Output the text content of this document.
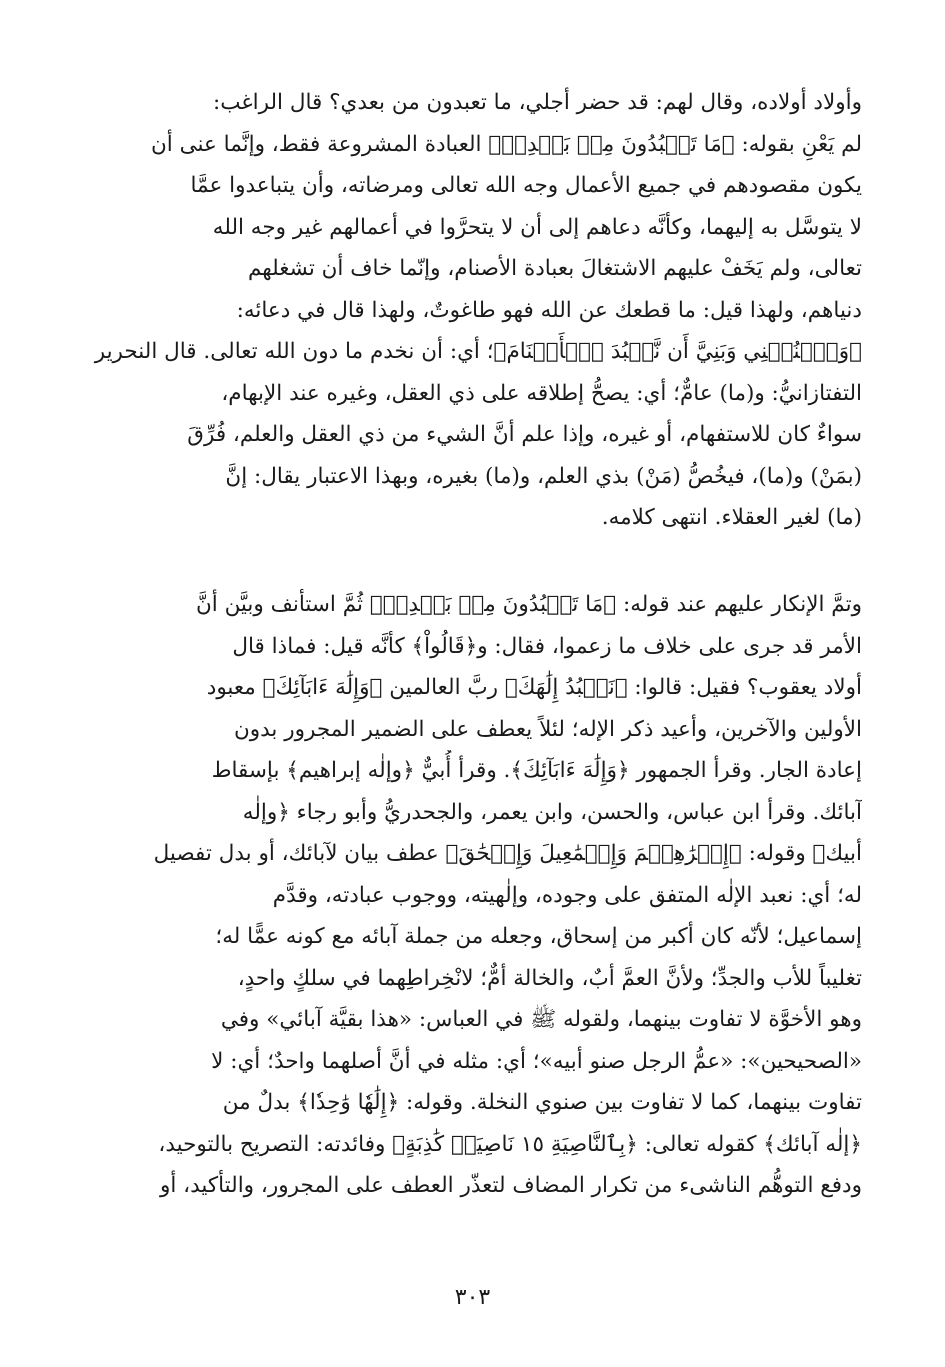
وأولاد أولاده، وقال لهم: قد حضر أجلي، ما تعبدون من بعدي؟ قال الراغب:
لم يَعْنِ بقوله: ﴿مَا تَعۡبُدُونَ مِنۢ بَعۡدِيۖ﴾ العبادة المشروعة فقط، وإنَّما عنى أن
يكون مقصودهم في جميع الأعمال وجه الله تعالى ومرضاته، وأن يتباعدوا عمَّا
لا يتوسَّل به إليهما، وكأنَّه دعاهم إلى أن لا يتحرَّوا في أعمالهم غير وجه الله
تعالى، ولم يَخَفْ عليهم الاشتغالَ بعبادة الأصنام، وإنّما خاف أن تشغلهم
دنياهم، ولهذا قيل: ما قطعك عن الله فهو طاغوتٌ، ولهذا قال في دعائه:
﴿وَٱجۡنُبۡنِي وَبَنِيَّ أَن نَّعۡبُدَ ٱلۡأَصۡنَامَ﴾؛ أي: أن نخدم ما دون الله تعالى. قال النحرير
التفتازانيُّ: و(ما) عامٌّ؛ أي: يصحُّ إطلاقه على ذي العقل، وغيره عند الإبهام،
سواءٌ كان للاستفهام، أو غيره، وإذا علم أنَّ الشيء من ذي العقل والعلم، فُرِّقَ
(بمَنْ) و(ما)، فيخُصُّ (مَنْ) بذي العلم، و(ما) بغيره، وبهذا الاعتبار يقال: إنَّ
(ما) لغير العقلاء. انتهى كلامه.
وتمَّ الإنكار عليهم عند قوله: ﴿مَا تَعۡبُدُونَ مِنۢ بَعۡدِيۖ﴾ ثُمَّ استأنف وبيَّن أنَّ
الأمر قد جرى على خلاف ما زعموا، فقال: و﴿قَالُواْ﴾ كأنَّه قيل: فماذا قال
أولاد يعقوب؟ فقيل: قالوا: ﴿نَعۡبُدُ إِلَٰهَكَ﴾ ربَّ العالمين ﴿وَإِلَٰهَ ءَابَآئِكَ﴾ معبود
الأولين والآخرين، وأعيد ذكر الإله؛ لئلاً يعطف على الضمير المجرور بدون
إعادة الجار. وقرأ الجمهور ﴿وَإِلَٰهَ ءَابَآئِكَ﴾. وقرأ أُبيٌّ ﴿وإلٰه إبراهيم﴾ بإسقاط
آبائك. وقرأ ابن عباس، والحسن، وابن يعمر، والجحدريُّ وأبو رجاء ﴿وإلٰه
أبيك﴾ وقوله: ﴿إِبۡرَٰهِـۧمَ وَإِسۡمَٰعِيلَ وَإِسۡحَٰقَ﴾ عطف بيان لآبائك، أو بدل تفصيل
له؛ أي: نعبد الإلٰه المتفق على وجوده، وإلٰهيته، ووجوب عبادته، وقدَّم
إسماعيل؛ لأنّه كان أكبر من إسحاق، وجعله من جملة آبائه مع كونه عمًّا له؛
تغليباً للأب والجدِّ؛ ولأنَّ العمَّ أبٌ، والخالة أمٌّ؛ لانْخِراطِهما في سلكٍ واحدٍ،
وهو الأخوَّة لا تفاوت بينهما، ولقوله ﷺ في العباس: «هذا بقيَّة آبائي» وفي
«الصحيحين»: «عمُّ الرجل صنو أبيه»؛ أي: مثله في أنَّ أصلهما واحدٌ؛ أي: لا
تفاوت بينهما، كما لا تفاوت بين صنوي النخلة. وقوله: ﴿إِلَٰهٗا وَٰحِدٗا﴾ بدلٌ من
﴿إلٰه آبائك﴾ كقوله تعالى: ﴿بِٱلنَّاصِيَةِ ١٥ نَاصِيَةٖ كَٰذِبَةٍ﴾ وفائدته: التصريح بالتوحيد،
ودفع التوهُّم الناشىء من تكرار المضاف لتعذّر العطف على المجرور، والتأكيد، أو
٣٠٣
